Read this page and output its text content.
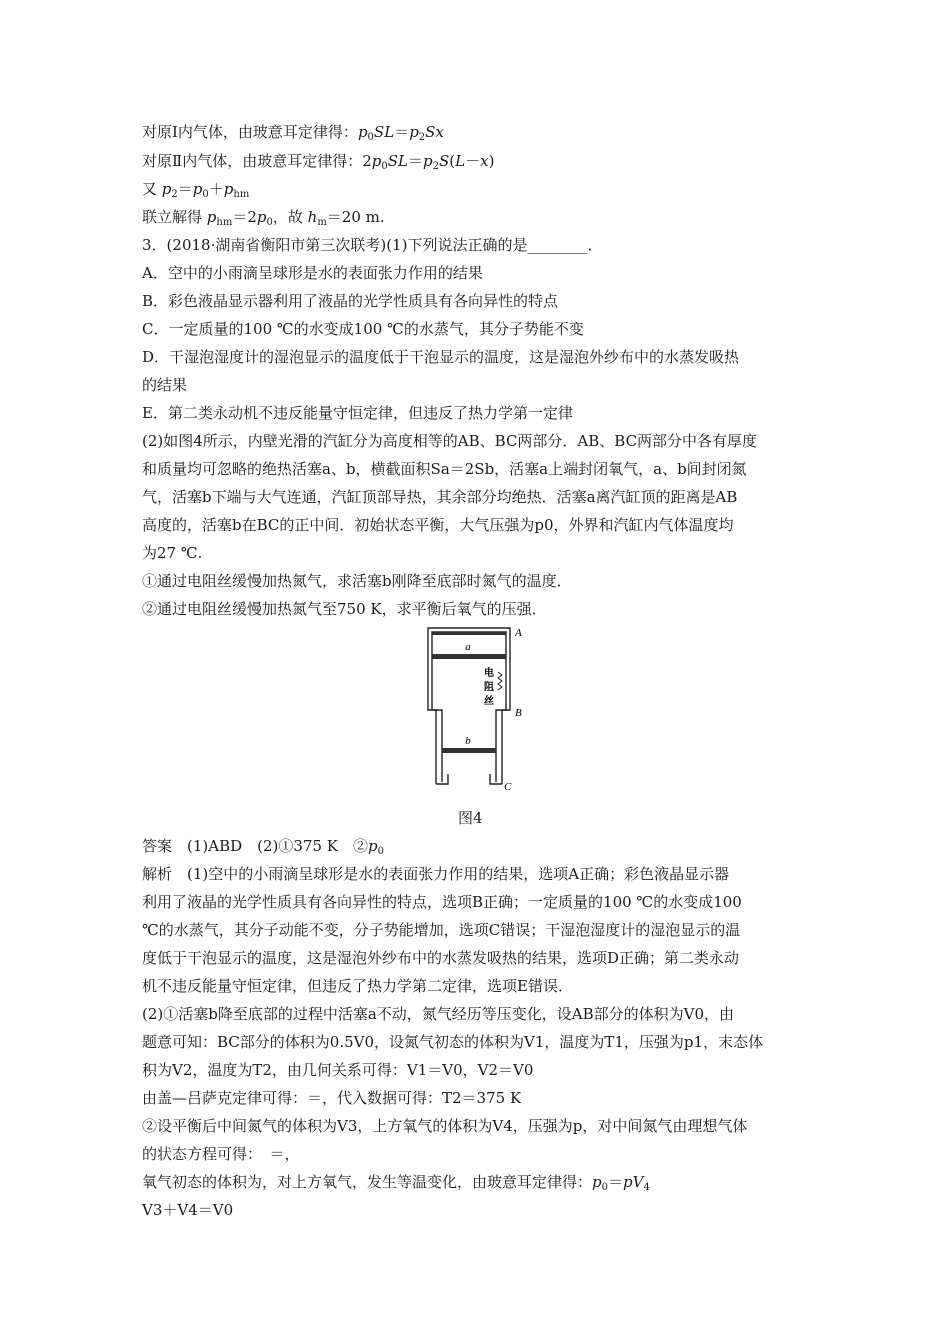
对原Ⅰ内气体，由玻意耳定律得：$p_0SL=p_2Sx$
对原Ⅱ内气体，由玻意耳定律得：$2p_0SL=p_2S(L-x)$
又 $p_2=p_0+p_{hm}$
联立解得 $p_{hm}=2p_0$，故 $h_m=20$ m.
3．(2018·湖南省衡阳市第三次联考)(1)下列说法正确的是________．
A．空中的小雨滴呈球形是水的表面张力作用的结果
B．彩色液晶显示器利用了液晶的光学性质具有各向异性的特点
C．一定质量的100 ℃的水变成100 ℃的水蒸气，其分子势能不变
D．干湿泡湿度计的湿泡显示的温度低于干泡显示的温度，这是湿泡外纱布中的水蒸发吸热
的结果
E．第二类永动机不违反能量守恒定律，但违反了热力学第一定律
(2)如图4所示，内壁光滑的汽缸分为高度相等的AB、BC两部分．AB、BC两部分中各有厚度
和质量均可忽略的绝热活塞a、b，横截面积Sa＝2Sb，活塞a上端封闭氧气，a、b间封闭氮
气，活塞b下端与大气连通，汽缸顶部导热，其余部分均绝热．活塞a离汽缸顶的距离是AB
高度的，活塞b在BC的正中间．初始状态平衡，大气压强为p0，外界和汽缸内气体温度均
为27 ℃.
①通过电阻丝缓慢加热氮气，求活塞b刚降至底部时氮气的温度．
②通过电阻丝缓慢加热氮气至750 K，求平衡后氧气的压强．
a
b
A
B
C
电
阻
丝
图4
答案　(1)ABD　(2)①375 K　$②p_0$
解析　(1)空中的小雨滴呈球形是水的表面张力作用的结果，选项A正确；彩色液晶显示器
利用了液晶的光学性质具有各向异性的特点，选项B正确；一定质量的100 ℃的水变成100
℃的水蒸气，其分子动能不变，分子势能增加，选项C错误；干湿泡湿度计的湿泡显示的温
度低于干泡显示的温度，这是湿泡外纱布中的水蒸发吸热的结果，选项D正确；第二类永动
机不违反能量守恒定律，但违反了热力学第二定律，选项E错误．
(2)①活塞b降至底部的过程中活塞a不动，氮气经历等压变化，设AB部分的体积为V0，由
题意可知：BC部分的体积为0.5V0，设氮气初态的体积为V1，温度为T1，压强为p1，末态体
积为V2，温度为T2，由几何关系可得：V1＝V0，V2＝V0
由盖—吕萨克定律可得：＝，代入数据可得：T2＝375 K
②设平衡后中间氮气的体积为V3，上方氧气的体积为V4，压强为p，对中间氮气由理想气体
的状态方程可得：　＝，
氧气初态的体积为，对上方氧气，发生等温变化，由玻意耳定律得：$p_0=pV_4$
V3＋V4＝V0
